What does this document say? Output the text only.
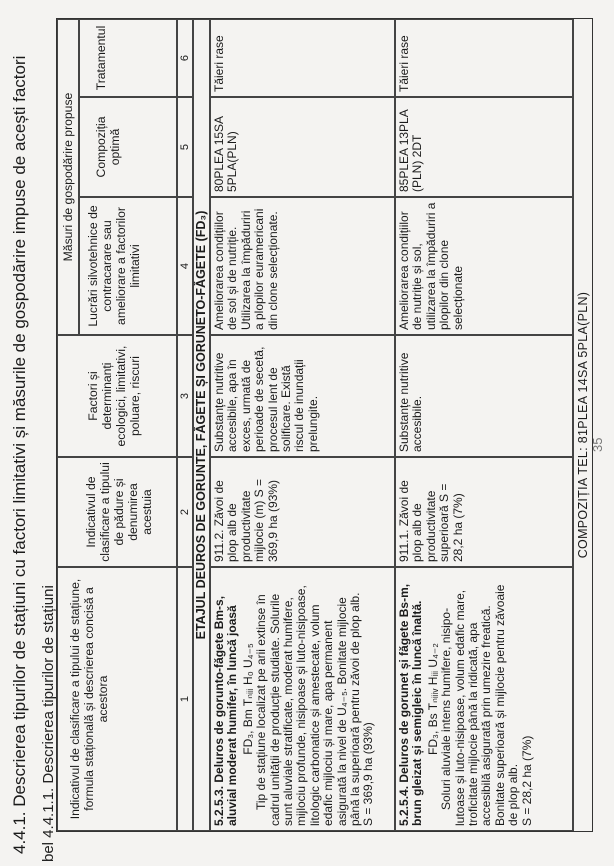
4.4.1. Descrierea tipurilor de stațiuni cu factori limitativi și măsurile de gospodărire impuse de acești factori bel 4.4.1.1. Descrierea tipurilor de stațiuni Indicativul de clasificare a tipului de stațiune, formula stațională și descrierea concisă a acestora
Indicativul de clasificare a tipului de pădure și denumirea acestuia
Factori și determinanți ecologici, limitativi, poluare, riscuri
Măsuri de gospodărire propuse
Lucrări silvotehnice de contracarare sau ameliorare a factorilor limitativi
Compoziția optimă
Tratamentul
1
2
3
4
5
6
ETAJUL DEUROS DE GORUNTE, FĂGETE ȘI GORUNETO-FĂGETE (FD₃)

5.2.5.3. Deluros de gorunto-făgete Bm-s, aluvial moderat humifer, în luncă joasă FD₃, Bm Tₙᵢᵢᵢ H₀ U₄₋₅ Tip de stațiune localizat pe arii extinse în cadrul unității de producție studiate. Solurile sunt aluviale stratificate, moderat humifere, mijlociu profunde, nisipoase și luto-nisipoase, litologic carbonatice și amestecate, volum edafic mijlociu și mare, apa permanent asigurată la nivel de U₄₋₅. Bonitate mijlocie până la superioară pentru zăvoi de plop alb. S = 369,9 ha (93%)

911.2. Zăvoi de plop alb de productivitate mijlocie (m) S = 369,9 ha (93%)
Substanțe nutritive accesibile, apa în exces, urmată de perioade de secetă, procesul lent de solificare. Există riscul de inundații prelungite.
Ameliorarea condițiilor de sol și de nutriție. Utilizarea la împăduriri a plopilor euramericani din clone selecționate.
80PLEA 15SA 5PLA(PLN)
Tăieri rase

5.2.5.4. Deluros de gorunet și făgete Bs-m, brun gleizat și semigleic în luncă înaltă. FD₃, Bs Tₙᵢᵢᵢᵥ Hᵢᵢᵢ U₄₋₂ Soluri aluviale intens humifere, nisipo-lutoase și luto-nisipoase, volum edafic mare, troficitate mijlocie până la ridicată, apa accesibilă asigurată prin umezire freatică. Bonitate superioară și mijlocie pentru zăvoaie de plop alb. S = 28,2 ha (7%)

911.1. Zăvoi de plop alb de productivitate superioară S = 28,2 ha (7%)
Substanțe nutritive accesibile.
Ameliorarea condițiilor de nutriție și sol, utilizarea la împăduriri a plopilor din clone selecționate
85PLEA 13PLA (PLN) 2DT
Tăieri rase
COMPOZIȚIA TEL: 81PLEA 14SA 5PLA(PLN) 35
